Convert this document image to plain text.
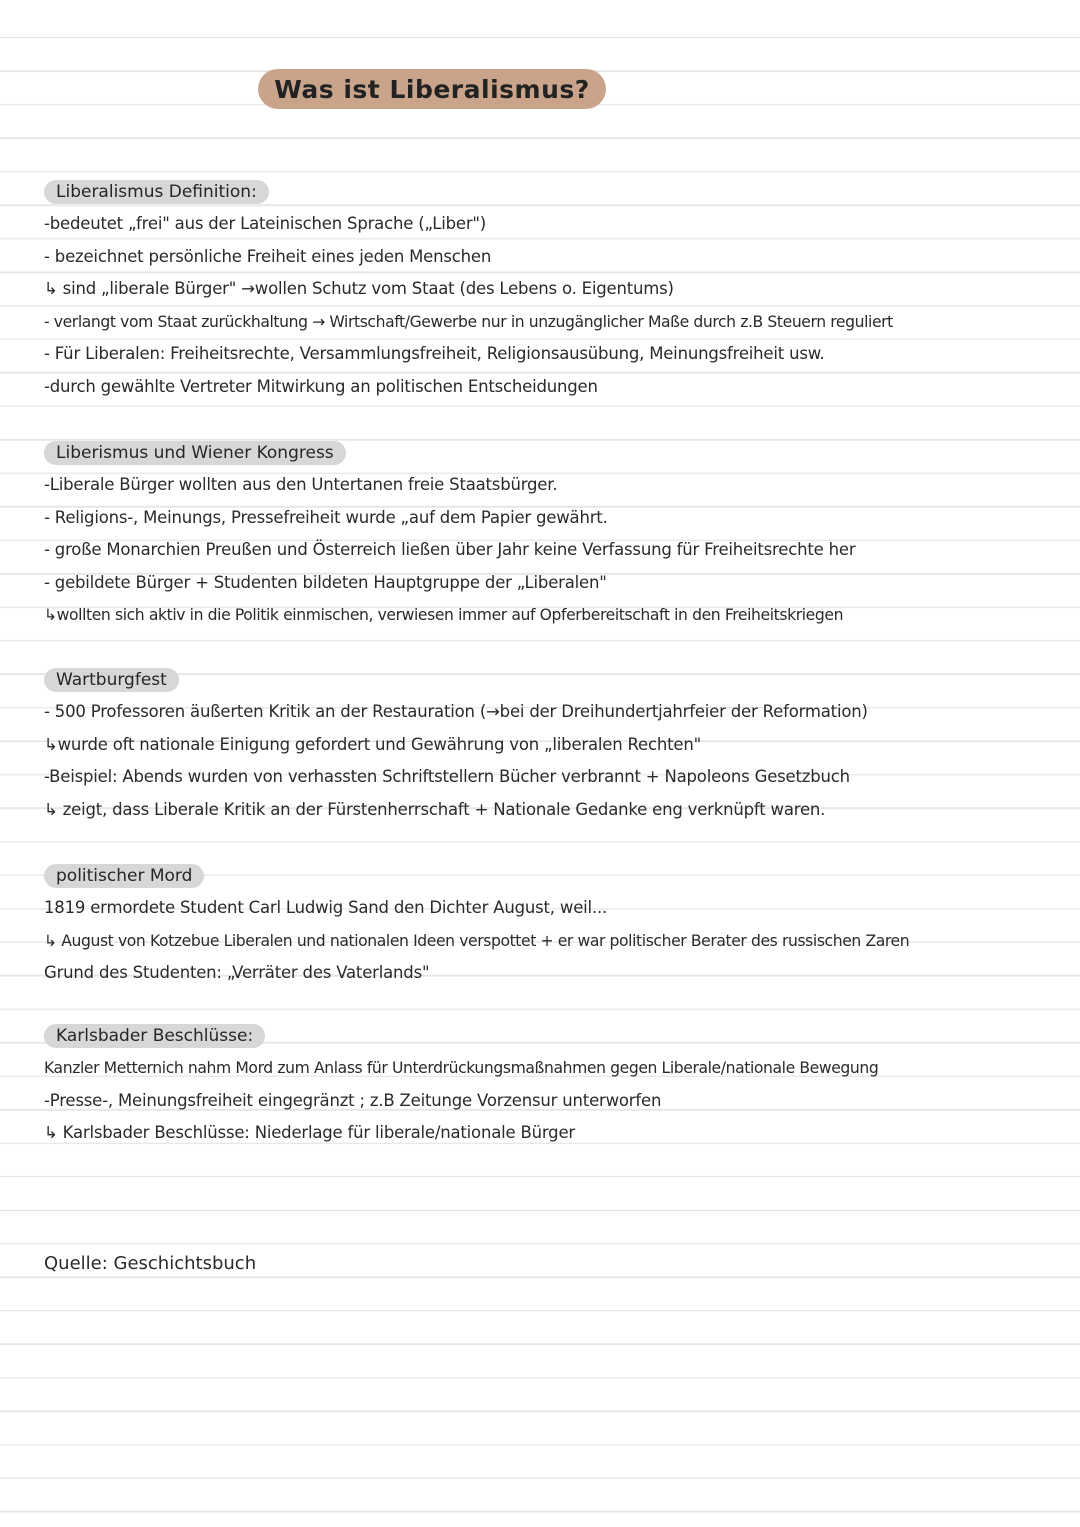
Was ist Liberalismus?
Liberalismus Definition:
-bedeutet „frei" aus der Lateinischen Sprache („Liber")
- bezeichnet persönliche Freiheit eines jeden Menschen
↳ sind „liberale Bürger" →wollen Schutz vom Staat (des Lebens o. Eigentums)
- verlangt vom Staat zurückhaltung → Wirtschaft/Gewerbe nur in unzugänglicher Maße durch z.B Steuern reguliert
- Für Liberalen: Freiheitsrechte, Versammlungsfreiheit, Religionsausübung, Meinungsfreiheit usw.
-durch gewählte Vertreter Mitwirkung an politischen Entscheidungen
Liberismus und Wiener Kongress
-Liberale Bürger wollten aus den Untertanen freie Staatsbürger.
- Religions-, Meinungs, Pressefreiheit wurde „auf dem Papier gewährt.
- große Monarchien Preußen und Österreich ließen über Jahr keine Verfassung für Freiheitsrechte her
- gebildete Bürger + Studenten bildeten Hauptgruppe der „Liberalen"
↳wollten sich aktiv in die Politik einmischen, verwiesen immer auf Opferbereitschaft in den Freiheitskriegen
Wartburgfest
- 500 Professoren äußerten Kritik an der Restauration (→bei der Dreihundertjahrfeier der Reformation)
↳wurde oft nationale Einigung gefordert und Gewährung von „liberalen Rechten"
-Beispiel: Abends wurden von verhassten Schriftstellern Bücher verbrannt + Napoleons Gesetzbuch
↳ zeigt, dass Liberale Kritik an der Fürstenherrschaft + Nationale Gedanke eng verknüpft waren.
politischer Mord
1819 ermordete Student Carl Ludwig Sand den Dichter August, weil...
↳ August von Kotzebue Liberalen und nationalen Ideen verspottet + er war politischer Berater des russischen Zaren
Grund des Studenten: „Verräter des Vaterlands"
Karlsbader Beschlüsse:
Kanzler Metternich nahm Mord zum Anlass für Unterdrückungsmaßnahmen gegen Liberale/nationale Bewegung
-Presse-, Meinungsfreiheit eingegränzt ; z.B Zeitunge Vorzensur unterworfen
↳ Karlsbader Beschlüsse: Niederlage für liberale/nationale Bürger
Quelle: Geschichtsbuch
